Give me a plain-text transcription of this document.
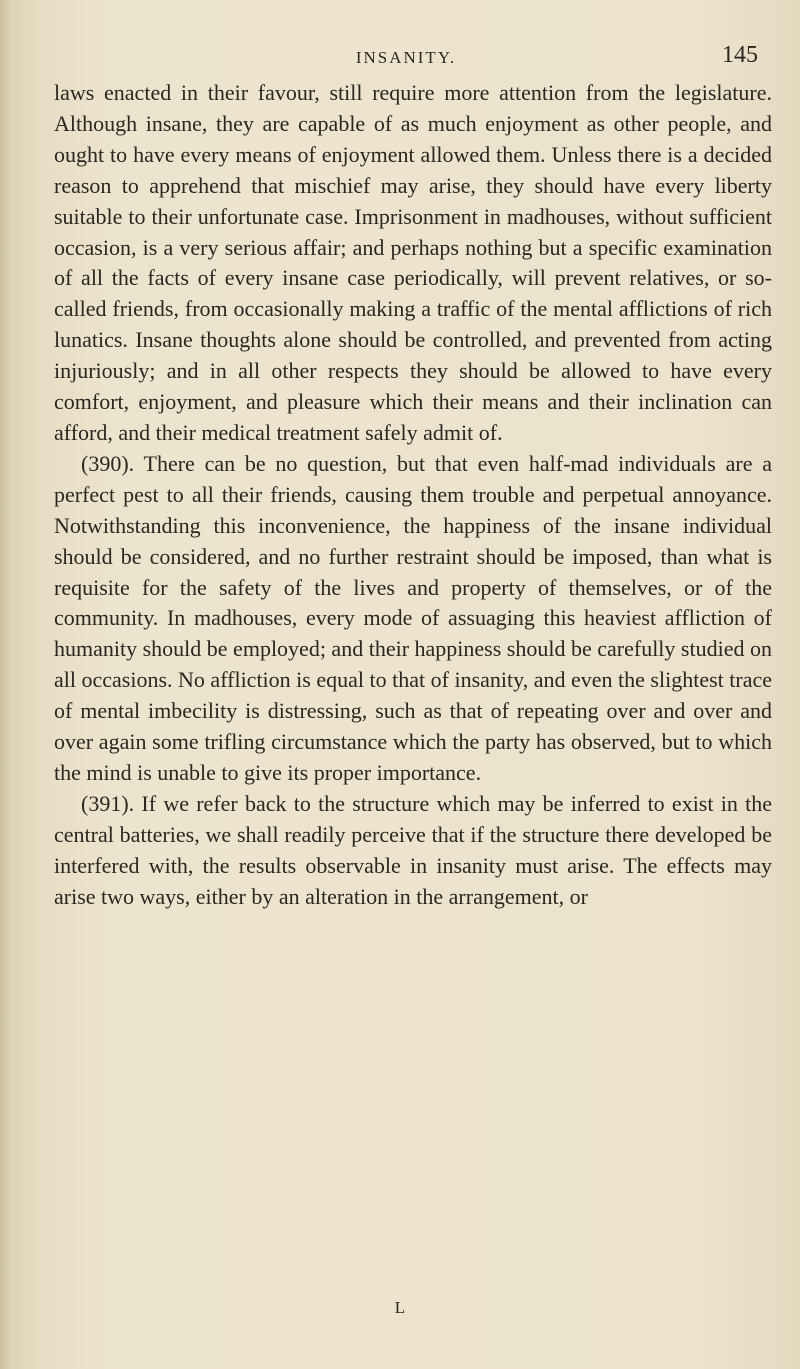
INSANITY.	145

laws enacted in their favour, still require more attention from the legislature. Although insane, they are capable of as much enjoyment as other people, and ought to have every means of enjoyment allowed them. Unless there is a decided reason to apprehend that mischief may arise, they should have every liberty suitable to their unfortunate case. Imprisonment in madhouses, without sufficient occasion, is a very serious affair; and perhaps nothing but a specific examination of all the facts of every insane case periodically, will prevent relatives, or so-called friends, from occasionally making a traffic of the mental afflictions of rich lunatics. Insane thoughts alone should be controlled, and prevented from acting injuriously; and in all other respects they should be allowed to have every comfort, enjoyment, and pleasure which their means and their inclination can afford, and their medical treatment safely admit of.

(390). There can be no question, but that even half-mad individuals are a perfect pest to all their friends, causing them trouble and perpetual annoyance. Notwithstanding this inconvenience, the happiness of the insane individual should be considered, and no further restraint should be imposed, than what is requisite for the safety of the lives and property of themselves, or of the community. In madhouses, every mode of assuaging this heaviest affliction of humanity should be employed; and their happiness should be carefully studied on all occasions. No affliction is equal to that of insanity, and even the slightest trace of mental imbecility is distressing, such as that of repeating over and over and over again some trifling circumstance which the party has observed, but to which the mind is unable to give its proper importance.

(391). If we refer back to the structure which may be inferred to exist in the central batteries, we shall readily perceive that if the structure there developed be interfered with, the results observable in insanity must arise. The effects may arise two ways, either by an alteration in the arrangement, or

L
